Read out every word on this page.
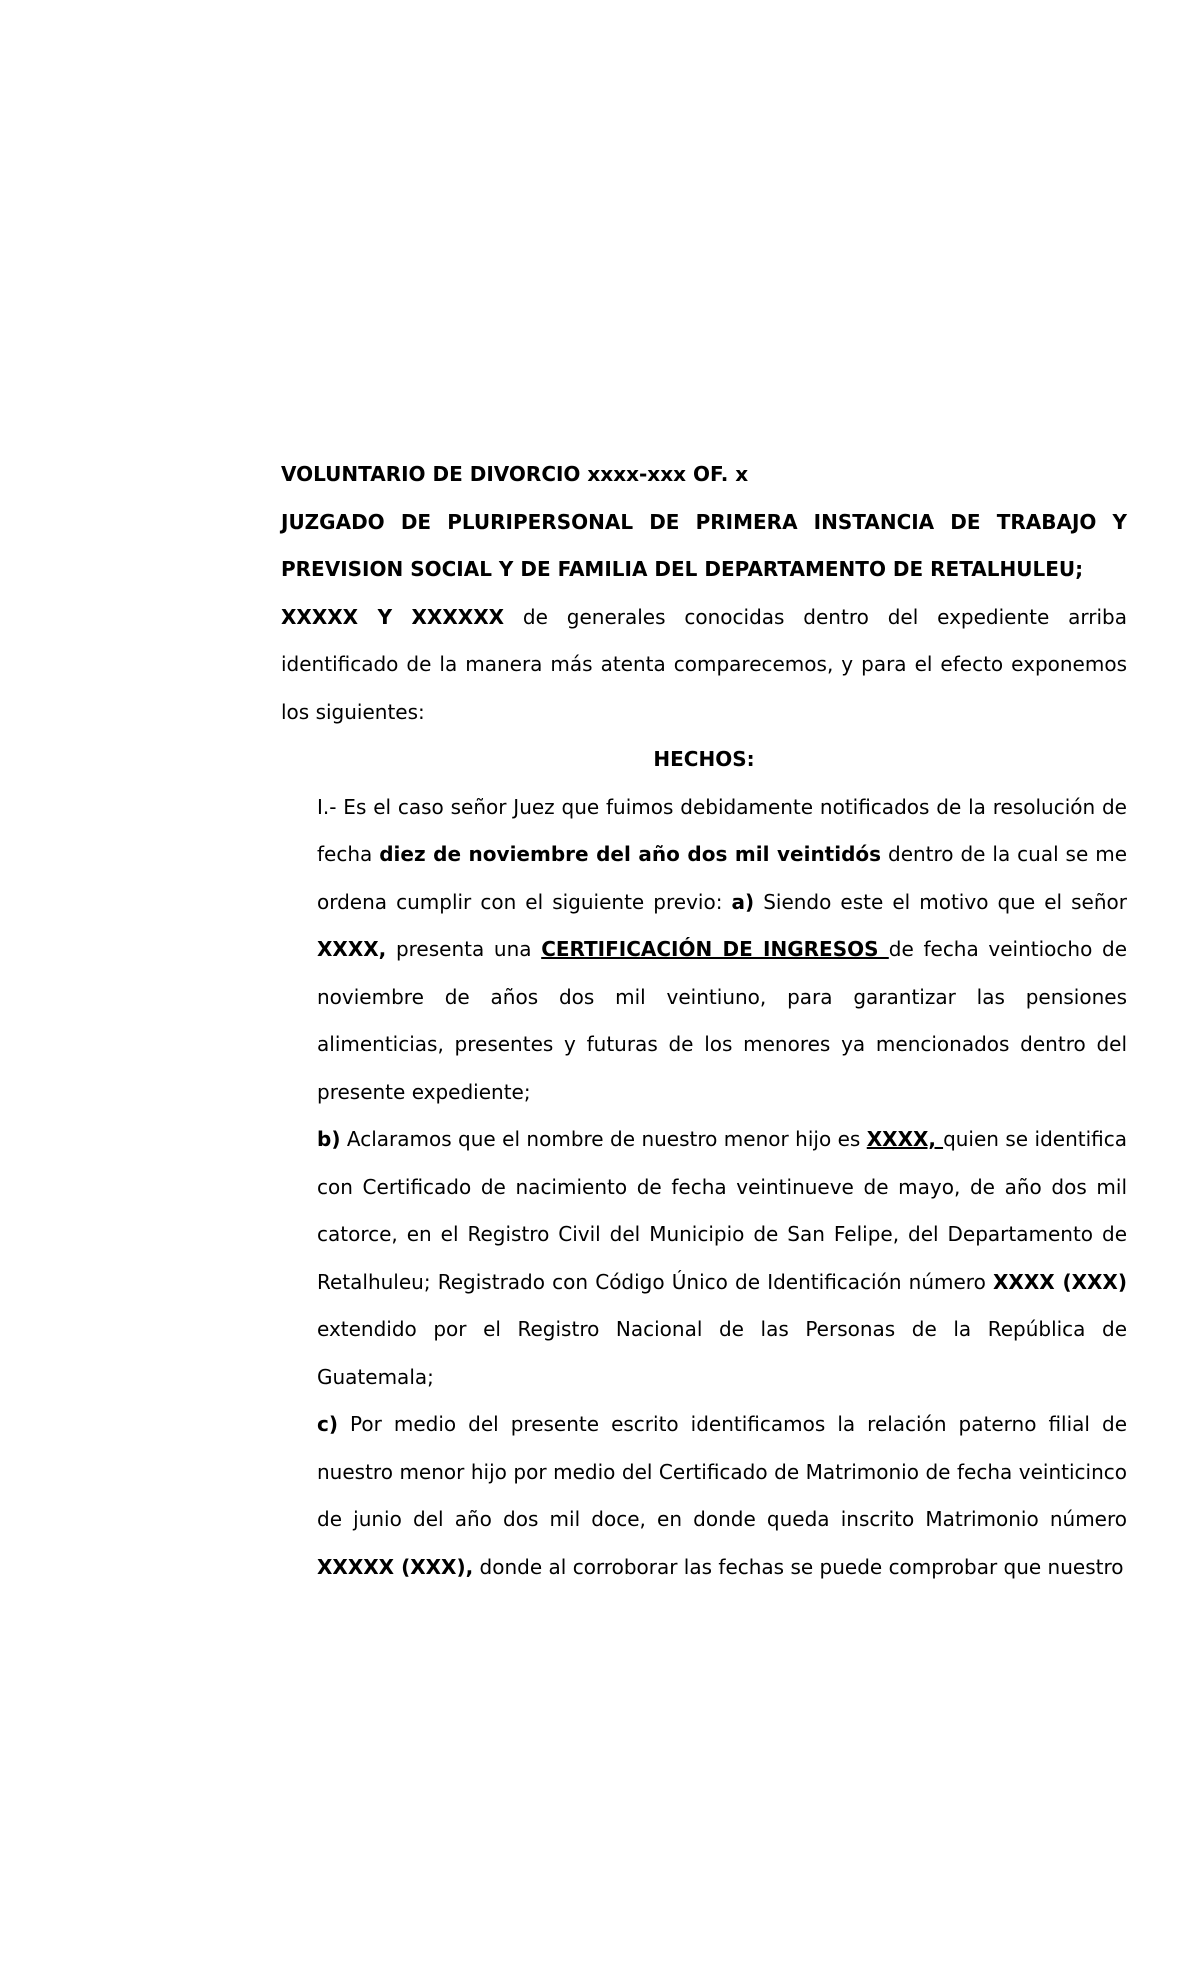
VOLUNTARIO DE DIVORCIO xxxx-xxx OF. x
JUZGADO DE PLURIPERSONAL DE PRIMERA INSTANCIA DE TRABAJO Y
PREVISION SOCIAL Y DE FAMILIA DEL DEPARTAMENTO DE RETALHULEU;
XXXXX Y XXXXXX de generales conocidas dentro del expediente arriba identificado de la manera más atenta comparecemos, y para el efecto exponemos los siguientes:
HECHOS:
I.- Es el caso señor Juez que fuimos debidamente notificados de la resolución de fecha diez de noviembre del año dos mil veintidós dentro de la cual se me ordena cumplir con el siguiente previo: a) Siendo este el motivo que el señor XXXX, presenta una CERTIFICACIÓN DE INGRESOS de fecha veintiocho de noviembre de años dos mil veintiuno, para garantizar las pensiones alimenticias, presentes y futuras de los menores ya mencionados dentro del presente expediente;
b) Aclaramos que el nombre de nuestro menor hijo es XXXX, quien se identifica con Certificado de nacimiento de fecha veintinueve de mayo, de año dos mil catorce, en el Registro Civil del Municipio de San Felipe, del Departamento de Retalhuleu; Registrado con Código Único de Identificación número XXXX (XXX) extendido por el Registro Nacional de las Personas de la República de Guatemala;
c) Por medio del presente escrito identificamos la relación paterno filial de nuestro menor hijo por medio del Certificado de Matrimonio de fecha veinticinco de junio del año dos mil doce, en donde queda inscrito Matrimonio número XXXXX (XXX), donde al corroborar las fechas se puede comprobar que nuestro
